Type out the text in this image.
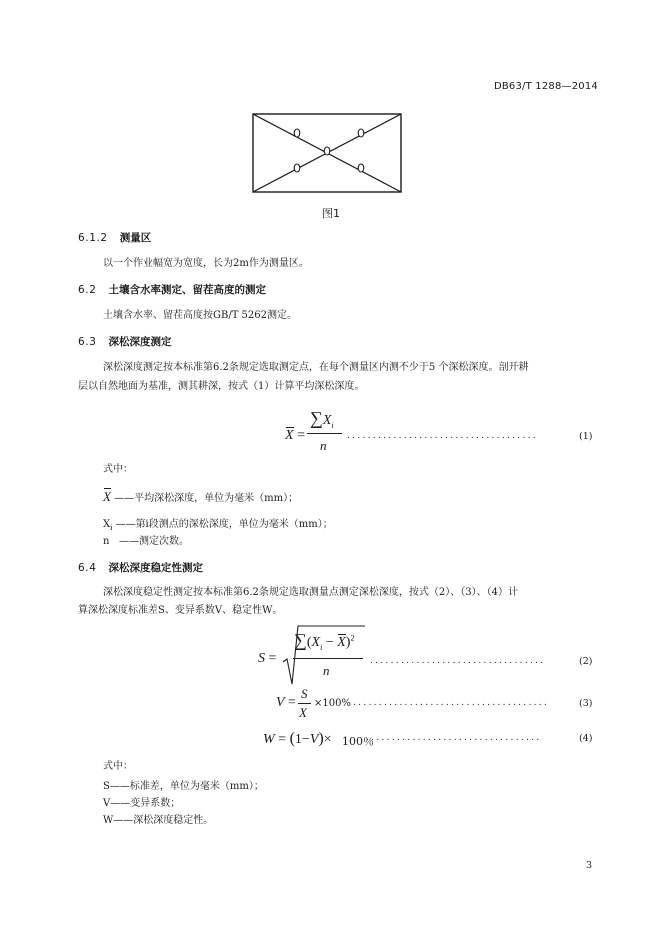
DB63/T 1288—2014
图1
6.1.2 测量区
以一个作业幅宽为宽度，长为2m作为测量区。
6.2 土壤含水率测定、留茬高度的测定
土壤含水率、留茬高度按GB/T 5262测定。
6.3 深松深度测定
深松深度测定按本标准第6.2条规定选取测定点，在每个测量区内测不少于5 个深松深度。剖开耕
层以自然地面为基准，测其耕深，按式（1）计算平均深松深度。
X =
$\sum X_i$
n
.....................................	(1)
式中：
X ——平均深松深度，单位为毫米（mm）；
$X_i$ ——第i段测点的深松深度，单位为毫米（mm）；
n   ——测定次数。
6.4 深松深度稳定性测定
深松深度稳定性测定按本标准第6.2条规定选取测量点测定深松深度，按式（2）、（3）、（4）计
算深松深度标准差S、变异系数V、稳定性W。
S =
$\sum(X_i - X)^2$
n
..................................	(2)
V =
S
X
×100% ......................................	(3)
W = (1−V)× 100％
..................................	(4)
式中：
S——标准差，单位为毫米（mm）；
V——变异系数；
W——深松深度稳定性。
3
